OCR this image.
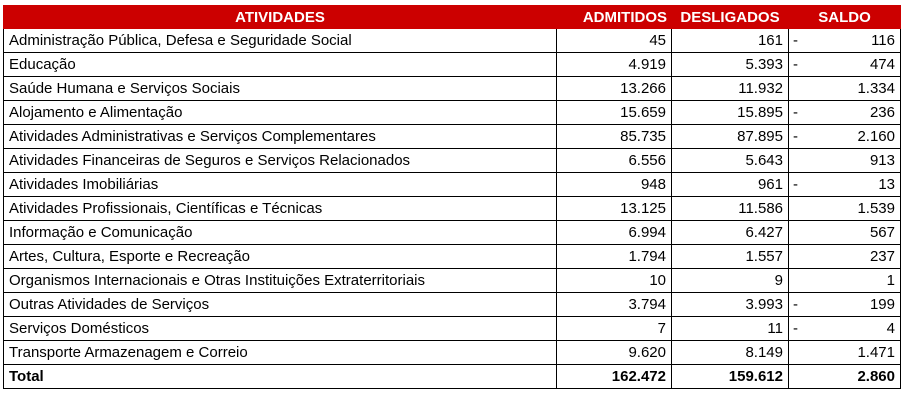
ATIVIDADES	ADMITIDOS	DESLIGADOS	SALDO
Administração Pública, Defesa e Seguridade Social	45	161	- 116
Educação	4.919	5.393	- 474
Saúde Humana e Serviços Sociais	13.266	11.932	1.334
Alojamento e Alimentação	15.659	15.895	- 236
Atividades Administrativas e Serviços Complementares	85.735	87.895	- 2.160
Atividades Financeiras de Seguros e Serviços Relacionados	6.556	5.643	913
Atividades Imobiliárias	948	961	- 13
Atividades Profissionais, Científicas e Técnicas	13.125	11.586	1.539
Informação e Comunicação	6.994	6.427	567
Artes, Cultura, Esporte e Recreação	1.794	1.557	237
Organismos Internacionais e Otras Instituições Extraterritoriais	10	9	1
Outras Atividades de Serviços	3.794	3.993	- 199
Serviços Domésticos	7	11	- 4
Transporte Armazenagem e Correio	9.620	8.149	1.471
Total	162.472	159.612	2.860
